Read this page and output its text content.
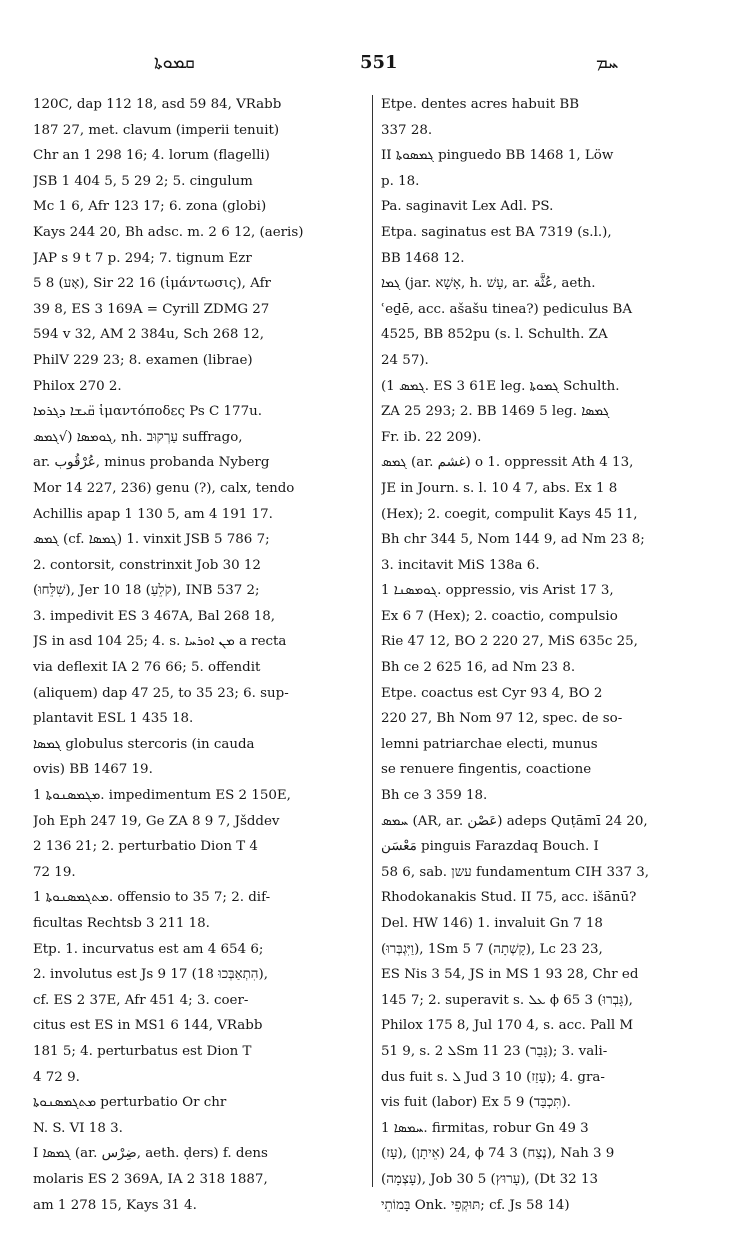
ܩܡܘܬܐ	551	ܚܡ
120C, dap 112 18, asd 59 84, VRabb
187 27, met. clavum (imperii tenuit)
Chr an 1 298 16; 4. lorum (flagelli)
JSB 1 404 5, 5 29 2; 5. cingulum
Mc 1 6, Afr 123 17; 6. zona (globi)
Kays 244 20, Bh adsc. m. 2 6 12, (aeris)
JAP s 9 t 7 p. 294; 7. tignum Ezr
5 8 (אָע), Sir 22 16 (ἱμάντωσις), Afr
39 8, ES 3 169A = Cyrill ZDMG 27
594 v 32, AM 2 384u, Sch 268 12,
PhilV 229 23; 8. examen (librae)
Philox 270 2.
ܩ̈ܝܫܐ ܕܓܪܡܐ ἱμαντόποδες Ps C 177u.
ܓܘܡܣܐ (√ܓܡܣ, nh. עַרְקוּב suffrago,
ar. عُرْقُوب, minus probanda Nyberg
Mor 14 227, 236) genu (?), calx, tendo
Achillis apap 1 130 5, am 4 191 17.
ܓܡܣ (cf. ܓܡܣܐ) 1. vinxit JSB 5 786 7;
2. contorsit, constrinxit Job 30 12
(שִׁלֵּחוּ), Jer 10 18 (קֹלֵעַ), INB 537 2;
3. impedivit ES 3 467A, Bal 268 18,
JS in asd 104 25; 4. s. ܡܢ ܐܘܪܚܐ a recta
via deflexit IA 2 76 66; 5. offendit
(aliquem) dap 47 25, to 35 23; 6. sup-
plantavit ESL 1 435 18.
ܓܡܣܐ globulus stercoris (in cauda
ovis) BB 1467 19.
ܡܓܡܣܢܘܬܐ 1. impedimentum ES 2 150E,
Joh Eph 247 19, Ge ZA 8 9 7, Jšddev
2 136 21; 2. perturbatio Dion T 4
72 19.
ܡܬܓܡܣܢܘܬܐ 1. offensio to 35 7; 2. dif-
ficultas Rechtsb 3 211 18.
Etp. 1. incurvatus est am 4 654 6;
2. involutus est Js 9 17 (18 הִתְאַבְּכוּ),
cf. ES 2 37E, Afr 451 4; 3. coer-
citus est ES in MS1 6 144, VRabb
181 5; 4. perturbatus est Dion T
4 72 9.
ܡܬܓܡܣܢܘܬܐ perturbatio Or chr
N. S. VI 18 3.
I ܓܡܣܐ (ar. ضِرْس, aeth. ḍers) f. dens
molaris ES 2 369A, IA 2 318 1887,
am 1 278 15, Kays 31 4.
Etpe. dentes acres habuit BB
337 28.
II ܓܡܣܘܬܐ pinguedo BB 1468 1, Löw
p. 18.
Pa. saginavit Lex Adl. PS.
Etpa. saginatus est BA 7319 (s.l.),
BB 1468 12.
ܓܡܐ (jar. אָשָׁא, h. עָשׁ, ar. عُثَّة, aeth.
ʿeḏē, acc. ašašu tinea?) pediculus BA
4525, BB 852pu (s. l. Schulth. ZA
24 57).
(ܓܡܣ 1. ES 3 61E leg. ܓܡܘܬܐ Schulth.
ZA 25 293; 2. BB 1469 5 leg. ܓܡܣܐ
Fr. ib. 22 209).
ܓܡܣ (ar. غشم) o 1. oppressit Ath 4 13,
JE in Journ. s. l. 10 4 7, abs. Ex 1 8
(Hex); 2. coegit, compulit Kays 45 11,
Bh chr 344 5, Nom 144 9, ad Nm 23 8;
3. incitavit MiS 138a 6.
ܓܘܡܣܢܐ 1. oppressio, vis Arist 17 3,
Ex 6 7 (Hex); 2. coactio, compulsio
Rie 47 12, BO 2 220 27, MiS 635c 25,
Bh ce 2 625 16, ad Nm 23 8.
Etpe. coactus est Cyr 93 4, BO 2
220 27, Bh Nom 97 12, spec. de so-
lemni patriarchae electi, munus
se renuere fingentis, coactione
Bh ce 3 359 18.
ܚܡܣ (AR, ar. عَصْن) adeps Quṭāmī 24 20,
مَعْسَن pinguis Farazdaq Bouch. I
58 6, sab. עשן fundamentum CIH 337 3,
Rhodokanakis Stud. II 75, acc. išānū?
Del. HW 146) 1. invaluit Gn 7 18
(וַיִּגְבְּרוּ), 1Sm 5 7 (קָשְׁתָה), Lc 23 23,
ES Nis 3 54, JS in MS 1 93 28, Chr ed
145 7; 2. superavit s. ܥܠ ϕ 65 3 (גָּבְרוּ),
Philox 175 8, Jul 170 4, s. acc. Pall M
51 9, s. ܠ 2Sm 11 23 (גָּבַר); 3. vali-
dus fuit s. ܠ Jud 3 10 (עָזַז); 4. gra-
vis fuit (labor) Ex 5 9 (תִּכְבַּד).
ܚܡܣܐ 1. firmitas, robur Gn 49 3
(עָז), 24 (אֵיתָן), ϕ 74 3 (נֶצַח), Nah 3 9
(עָצְמָה), Job 30 5 (עָרוּץ), (Dt 32 13
בָּמוֹתֵי Onk. תּוּקְפֵי; cf. Js 58 14)
